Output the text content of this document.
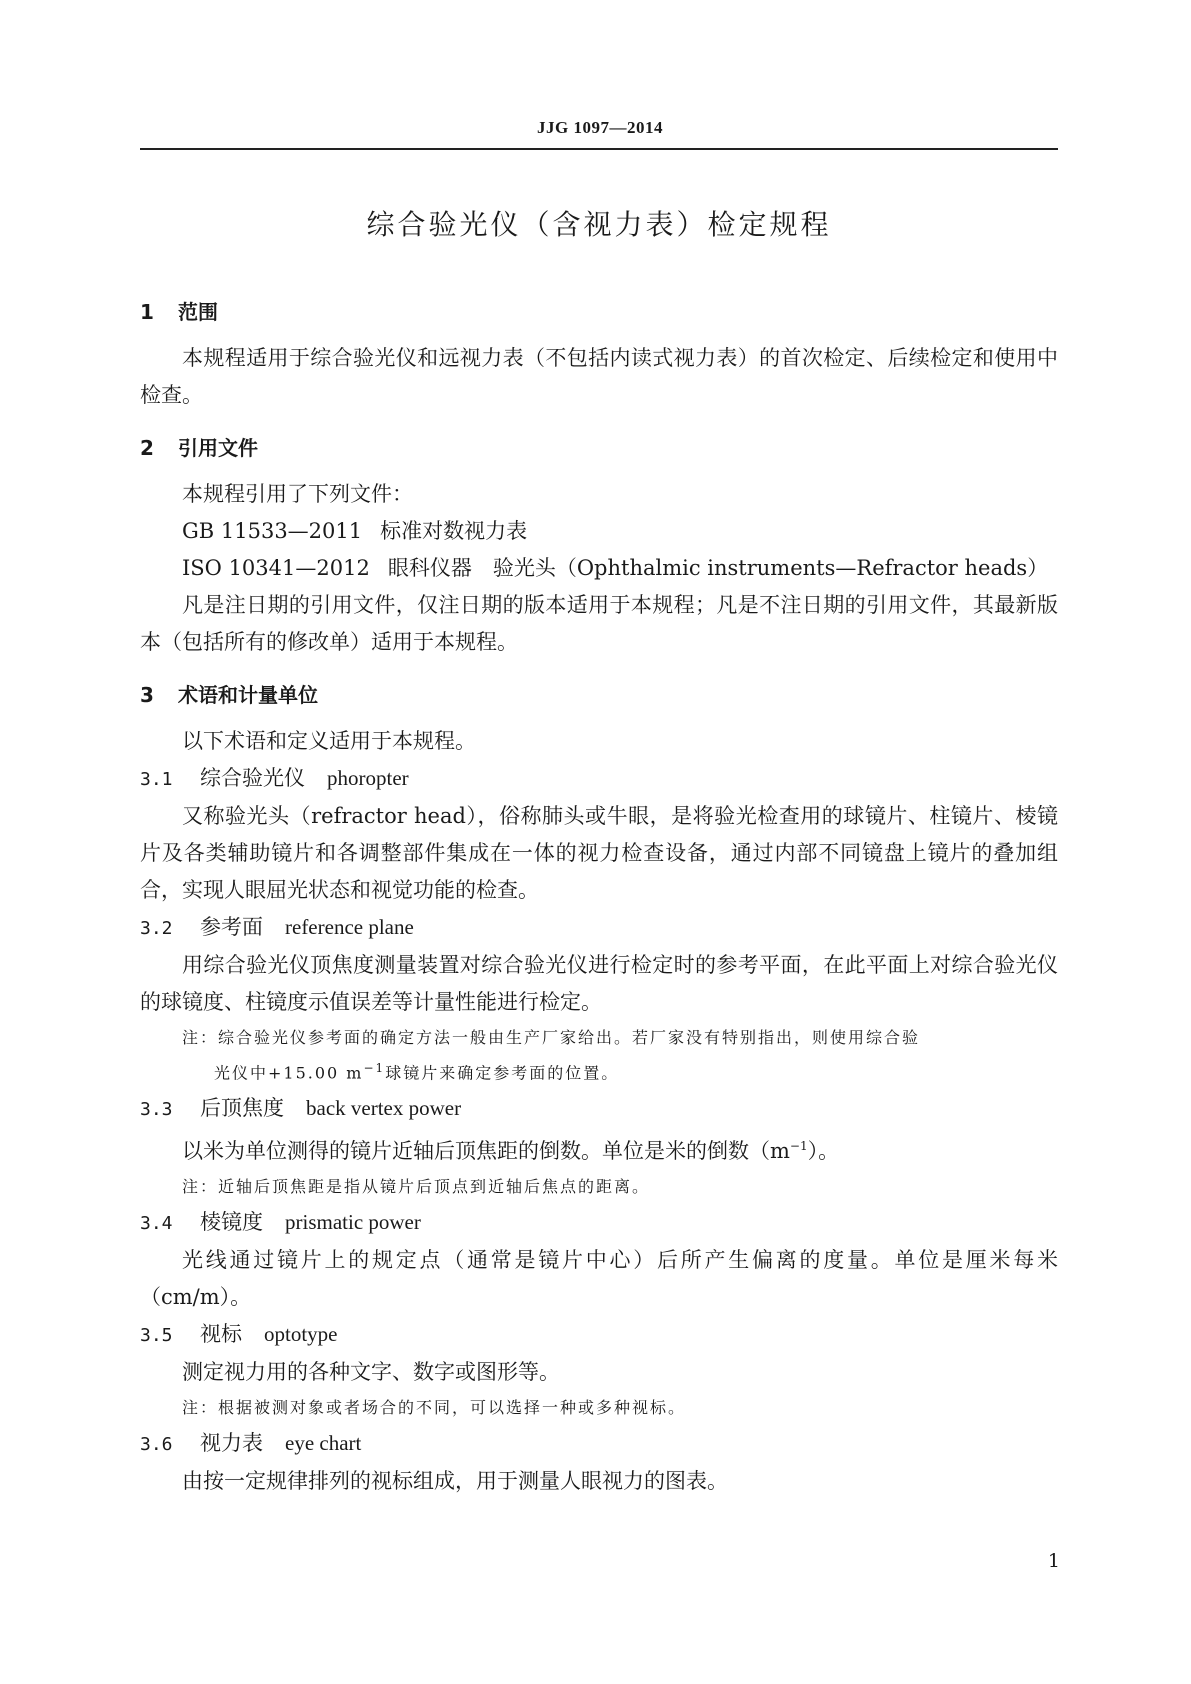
JJG 1097—2014
综合验光仪（含视力表）检定规程
1 范围

本规程适用于综合验光仪和远视力表（不包括内读式视力表）的首次检定、后续检定和使用中检查。

2 引用文件

本规程引用了下列文件：

GB 11533—2011 标准对数视力表

ISO 10341—2012 眼科仪器　验光头（Ophthalmic instruments—Refractor heads）

凡是注日期的引用文件，仅注日期的版本适用于本规程；凡是不注日期的引用文件，其最新版本（包括所有的修改单）适用于本规程。

3 术语和计量单位

以下术语和定义适用于本规程。

3.1 综合验光仪 phoropter

又称验光头（refractor head），俗称肺头或牛眼，是将验光检查用的球镜片、柱镜片、棱镜片及各类辅助镜片和各调整部件集成在一体的视力检查设备，通过内部不同镜盘上镜片的叠加组合，实现人眼屈光状态和视觉功能的检查。

3.2 参考面 reference plane

用综合验光仪顶焦度测量装置对综合验光仪进行检定时的参考平面，在此平面上对综合验光仪的球镜度、柱镜度示值误差等计量性能进行检定。

注：综合验光仪参考面的确定方法一般由生产厂家给出。若厂家没有特别指出，则使用综合验
光仪中+15.00 $m^{-1}$球镜片来确定参考面的位置。

3.3 后顶焦度 back vertex power

以米为单位测得的镜片近轴后顶焦距的倒数。单位是米的倒数$(m^{-1})$。

注：近轴后顶焦距是指从镜片后顶点到近轴后焦点的距离。

3.4 棱镜度 prismatic power

光线通过镜片上的规定点（通常是镜片中心）后所产生偏离的度量。单位是厘米每米（cm/m）。

3.5 视标 optotype

测定视力用的各种文字、数字或图形等。

注：根据被测对象或者场合的不同，可以选择一种或多种视标。

3.6 视力表 eye chart

由按一定规律排列的视标组成，用于测量人眼视力的图表。

1
